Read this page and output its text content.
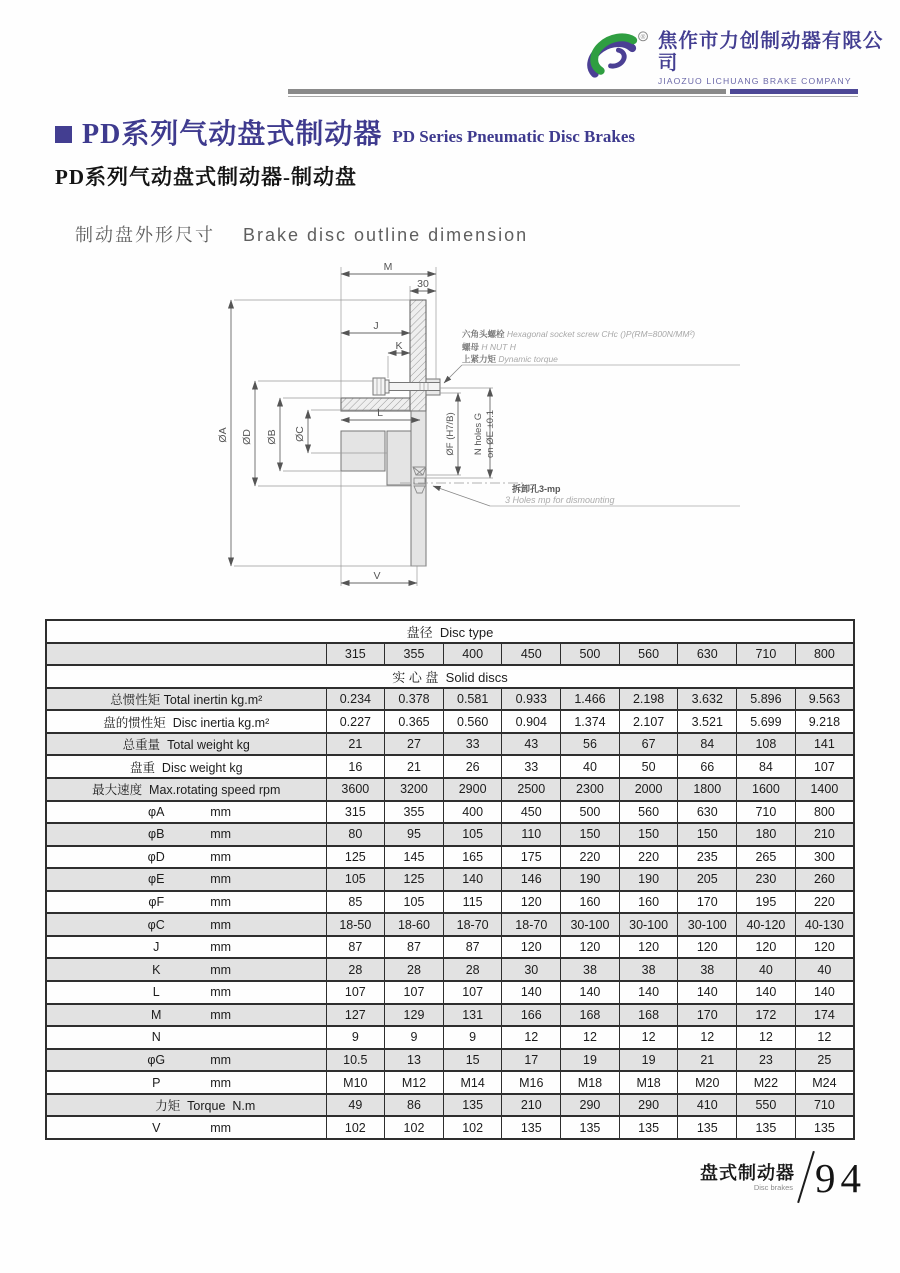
® 焦作市力创制动器有限公司
JIAOZUO LICHUANG BRAKE COMPANY
PD系列气动盘式制动器 PD Series Pneumatic Disc Brakes
PD系列气动盘式制动器-制动盘
制动盘外形尺寸 Brake disc outline dimension
M
30
J
K
L
V
ØA ØD ØB ØC	ØF (H7/B) N holes G on ØE ±0.1
六角头螺栓 Hexagonal socket screw CHc ()P(RM=800N/MM²)
螺母 H NUT H
上紧力矩 Dynamic torque
拆卸孔3-mp
3 Holes mp for dismounting
盘径  Disc type									
	315	355	400	450	500	560	630	710	800
实 心 盘  Solid discs									
总惯性矩 Total inertin kg.m²	0.234	0.378	0.581	0.933	1.466	2.198	3.632	5.896	9.563
盘的惯性矩  Disc inertia kg.m²	0.227	0.365	0.560	0.904	1.374	2.107	3.521	5.699	9.218
总重量  Total weight kg	21	27	33	43	56	67	84	108	141
盘重  Disc weight kg	16	21	26	33	40	50	66	84	107
最大速度  Max.rotating speed rpm	3600	3200	2900	2500	2300	2000	1800	1600	1400
φA mm	315	355	400	450	500	560	630	710	800
φB mm	80	95	105	110	150	150	150	180	210
φD mm	125	145	165	175	220	220	235	265	300
φE mm	105	125	140	146	190	190	205	230	260
φF mm	85	105	115	120	160	160	170	195	220
φC mm	18-50	18-60	18-70	18-70	30-100	30-100	30-100	40-120	40-130
J mm	87	87	87	120	120	120	120	120	120
K mm	28	28	28	30	38	38	38	40	40
L mm	107	107	107	140	140	140	140	140	140
M mm	127	129	131	166	168	168	170	172	174
N	9	9	9	12	12	12	12	12	12
φG mm	10.5	13	15	17	19	19	21	23	25
P mm	M10	M12	M14	M16	M18	M18	M20	M22	M24
力矩  Torque  N.m	49	86	135	210	290	290	410	550	710
V mm	102	102	102	135	135	135	135	135	135
盘式制动器
Disc brakes 94
